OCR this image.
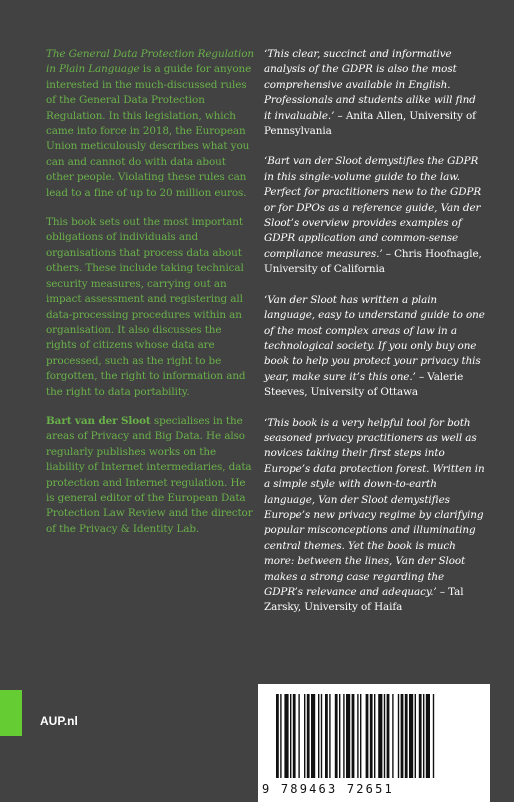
The General Data Protection Regulation in Plain Language is a guide for anyone interested in the much-discussed rules of the General Data Protection Regulation. In this legislation, which came into force in 2018, the European Union meticulously describes what you can and cannot do with data about other people. Violating these rules can lead to a fine of up to 20 million euros.

This book sets out the most important obligations of individuals and organisations that process data about others. These include taking technical security measures, carrying out an impact assessment and registering all data-processing procedures within an organisation. It also discusses the rights of citizens whose data are processed, such as the right to be forgotten, the right to information and the right to data portability.

Bart van der Sloot specialises in the areas of Privacy and Big Data. He also regularly publishes works on the liability of Internet intermediaries, data protection and Internet regulation. He is general editor of the European Data Protection Law Review and the director of the Privacy & Identity Lab.

‘This clear, succinct and informative analysis of the GDPR is also the most comprehensive available in English. Professionals and students alike will find it invaluable.’ – Anita Allen, University of Pennsylvania
‘Bart van der Sloot demystifies the GDPR in this single-volume guide to the law. Perfect for practitioners new to the GDPR or for DPOs as a reference guide, Van der Sloot’s overview provides examples of GDPR application and common-sense compliance measures.’ – Chris Hoofnagle, University of California
‘Van der Sloot has written a plain language, easy to understand guide to one of the most complex areas of law in a technological society. If you only buy one book to help you protect your privacy this year, make sure it’s this one.’ – Valerie Steeves, University of Ottawa
‘This book is a very helpful tool for both seasoned privacy practitioners as well as novices taking their first steps into Europe’s data protection forest. Written in a simple style with down-to-earth language, Van der Sloot demystifies Europe’s new privacy regime by clarifying popular misconceptions and illuminating central themes. Yet the book is much more: between the lines, Van der Sloot makes a strong case regarding the GDPR’s relevance and adequacy.’ – Tal Zarsky, University of Haifa
AUP.nl
9 789463 72651
